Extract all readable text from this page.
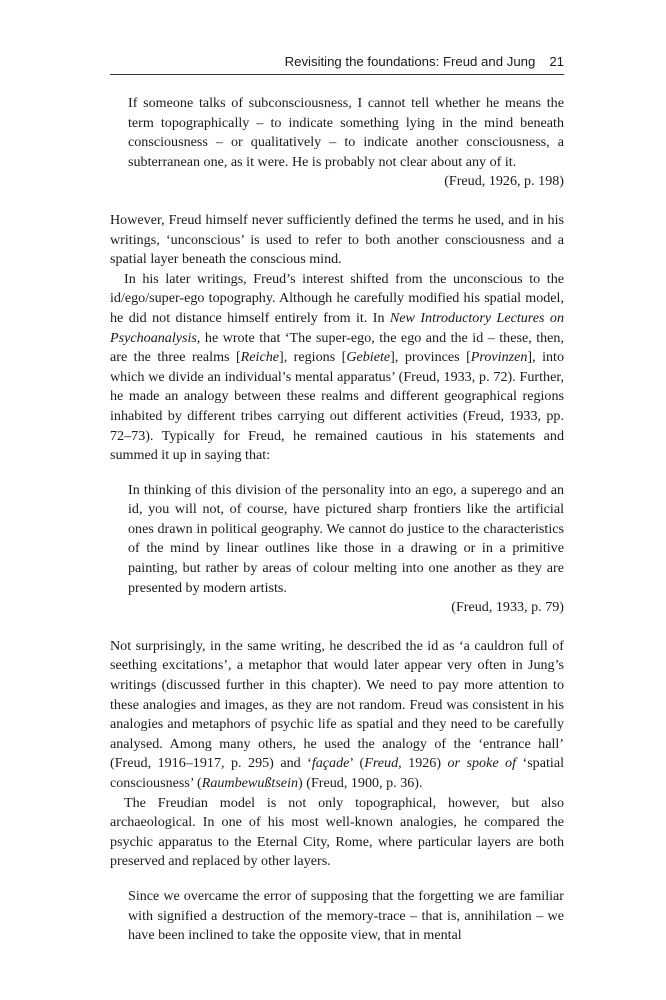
Revisiting the foundations: Freud and Jung 21

If someone talks of subconsciousness, I cannot tell whether he means the term topographically – to indicate something lying in the mind beneath consciousness – or qualitatively – to indicate another consciousness, a subterranean one, as it were. He is probably not clear about any of it.

(Freud, 1926, p. 198)

However, Freud himself never sufficiently defined the terms he used, and in his writings, ‘unconscious’ is used to refer to both another consciousness and a spatial layer beneath the conscious mind.

In his later writings, Freud’s interest shifted from the unconscious to the id/ego/super-ego topography. Although he carefully modified his spatial model, he did not distance himself entirely from it. In New Introductory Lectures on Psychoanalysis, he wrote that ‘The super-ego, the ego and the id – these, then, are the three realms [Reiche], regions [Gebiete], provinces [Provinzen], into which we divide an individual’s mental apparatus’ (Freud, 1933, p. 72). Further, he made an analogy between these realms and different geographical regions inhabited by different tribes carrying out different activities (Freud, 1933, pp. 72–73). Typically for Freud, he remained cautious in his statements and summed it up in saying that:

In thinking of this division of the personality into an ego, a superego and an id, you will not, of course, have pictured sharp frontiers like the artificial ones drawn in political geography. We cannot do justice to the characteristics of the mind by linear outlines like those in a drawing or in a primitive painting, but rather by areas of colour melting into one another as they are presented by modern artists.

(Freud, 1933, p. 79)

Not surprisingly, in the same writing, he described the id as ‘a cauldron full of seething excitations’, a metaphor that would later appear very often in Jung’s writings (discussed further in this chapter). We need to pay more attention to these analogies and images, as they are not random. Freud was consistent in his analogies and metaphors of psychic life as spatial and they need to be carefully analysed. Among many others, he used the analogy of the ‘entrance hall’ (Freud, 1916–1917, p. 295) and ‘façade’ (Freud, 1926) or spoke of ‘spatial consciousness’ (Raumbewußtsein) (Freud, 1900, p. 36).

The Freudian model is not only topographical, however, but also archaeological. In one of his most well-known analogies, he compared the psychic apparatus to the Eternal City, Rome, where particular layers are both preserved and replaced by other layers.

Since we overcame the error of supposing that the forgetting we are familiar with signified a destruction of the memory-trace – that is, annihilation – we have been inclined to take the opposite view, that in mental
